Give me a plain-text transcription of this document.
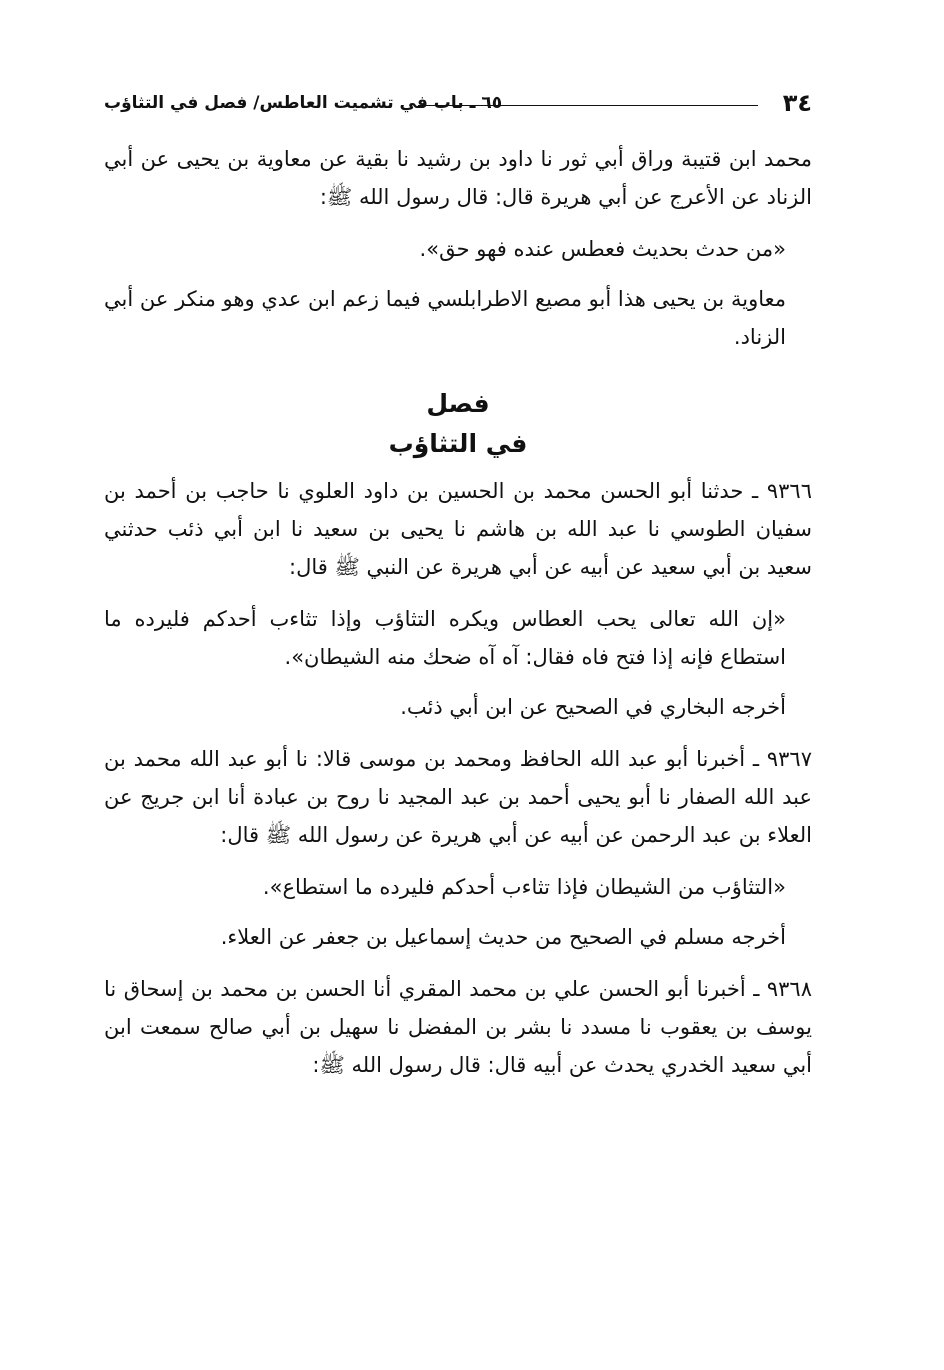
٣٤
٦٥ ـ باب في تشميت العاطس/ فصل في التثاؤب

محمد ابن قتيبة وراق أبي ثور نا داود بن رشيد نا بقية عن معاوية بن يحيى عن أبي الزناد عن الأعرج عن أبي هريرة قال: قال رسول الله ﷺ:

«من حدث بحديث فعطس عنده فهو حق».

معاوية بن يحيى هذا أبو مصيع الاطرابلسي فيما زعم ابن عدي وهو منكر عن أبي الزناد.

فصل

في التثاؤب

٩٣٦٦ ـ حدثنا أبو الحسن محمد بن الحسين بن داود العلوي نا حاجب بن أحمد بن سفيان الطوسي نا عبد الله بن هاشم نا يحيى بن سعيد نا ابن أبي ذئب حدثني سعيد بن أبي سعيد عن أبيه عن أبي هريرة عن النبي ﷺ قال:

«إن الله تعالى يحب العطاس ويكره التثاؤب وإذا تثاءب أحدكم فليرده ما استطاع فإنه إذا فتح فاه فقال: آه آه ضحك منه الشيطان».

أخرجه البخاري في الصحيح عن ابن أبي ذئب.

٩٣٦٧ ـ أخبرنا أبو عبد الله الحافظ ومحمد بن موسى قالا: نا أبو عبد الله محمد بن عبد الله الصفار نا أبو يحيى أحمد بن عبد المجيد نا روح بن عبادة أنا ابن جريج عن العلاء بن عبد الرحمن عن أبيه عن أبي هريرة عن رسول الله ﷺ قال:

«التثاؤب من الشيطان فإذا تثاءب أحدكم فليرده ما استطاع».

أخرجه مسلم في الصحيح من حديث إسماعيل بن جعفر عن العلاء.

٩٣٦٨ ـ أخبرنا أبو الحسن علي بن محمد المقري أنا الحسن بن محمد بن إسحاق نا يوسف بن يعقوب نا مسدد نا بشر بن المفضل نا سهيل بن أبي صالح سمعت ابن أبي سعيد الخدري يحدث عن أبيه قال: قال رسول الله ﷺ:
